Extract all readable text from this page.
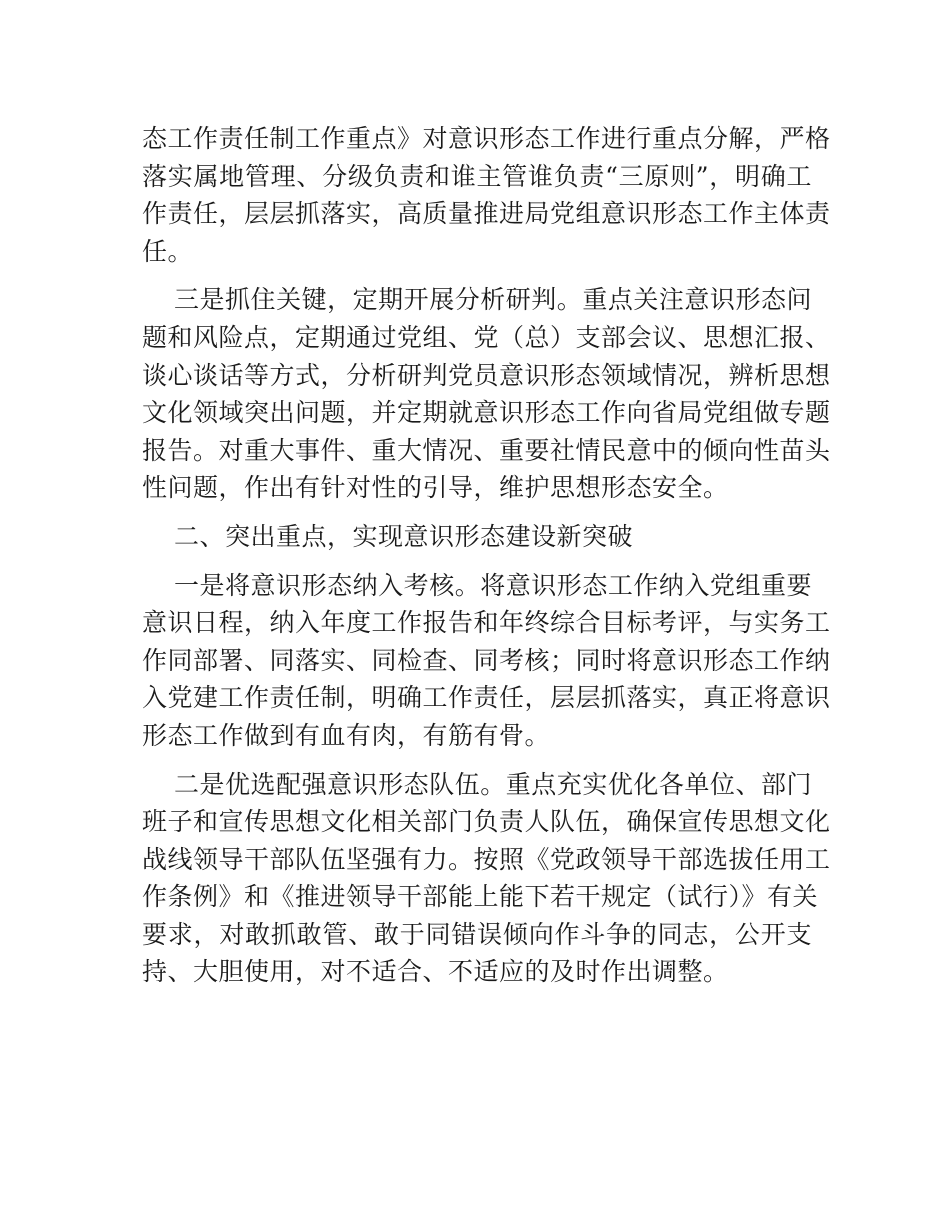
态工作责任制工作重点》对意识形态工作进行重点分解，严格
落实属地管理、分级负责和谁主管谁负责“三原则”，明确工
作责任，层层抓落实，高质量推进局党组意识形态工作主体责
任。

三是抓住关键，定期开展分析研判。重点关注意识形态问
题和风险点，定期通过党组、党（总）支部会议、思想汇报、
谈心谈话等方式，分析研判党员意识形态领域情况，辨析思想
文化领域突出问题，并定期就意识形态工作向省局党组做专题
报告。对重大事件、重大情况、重要社情民意中的倾向性苗头
性问题，作出有针对性的引导，维护思想形态安全。

二、突出重点，实现意识形态建设新突破

一是将意识形态纳入考核。将意识形态工作纳入党组重要
意识日程，纳入年度工作报告和年终综合目标考评，与实务工
作同部署、同落实、同检查、同考核；同时将意识形态工作纳
入党建工作责任制，明确工作责任，层层抓落实，真正将意识
形态工作做到有血有肉，有筋有骨。

二是优选配强意识形态队伍。重点充实优化各单位、部门
班子和宣传思想文化相关部门负责人队伍，确保宣传思想文化
战线领导干部队伍坚强有力。按照《党政领导干部选拔任用工
作条例》和《推进领导干部能上能下若干规定（试行）》有关
要求，对敢抓敢管、敢于同错误倾向作斗争的同志，公开支
持、大胆使用，对不适合、不适应的及时作出调整。
